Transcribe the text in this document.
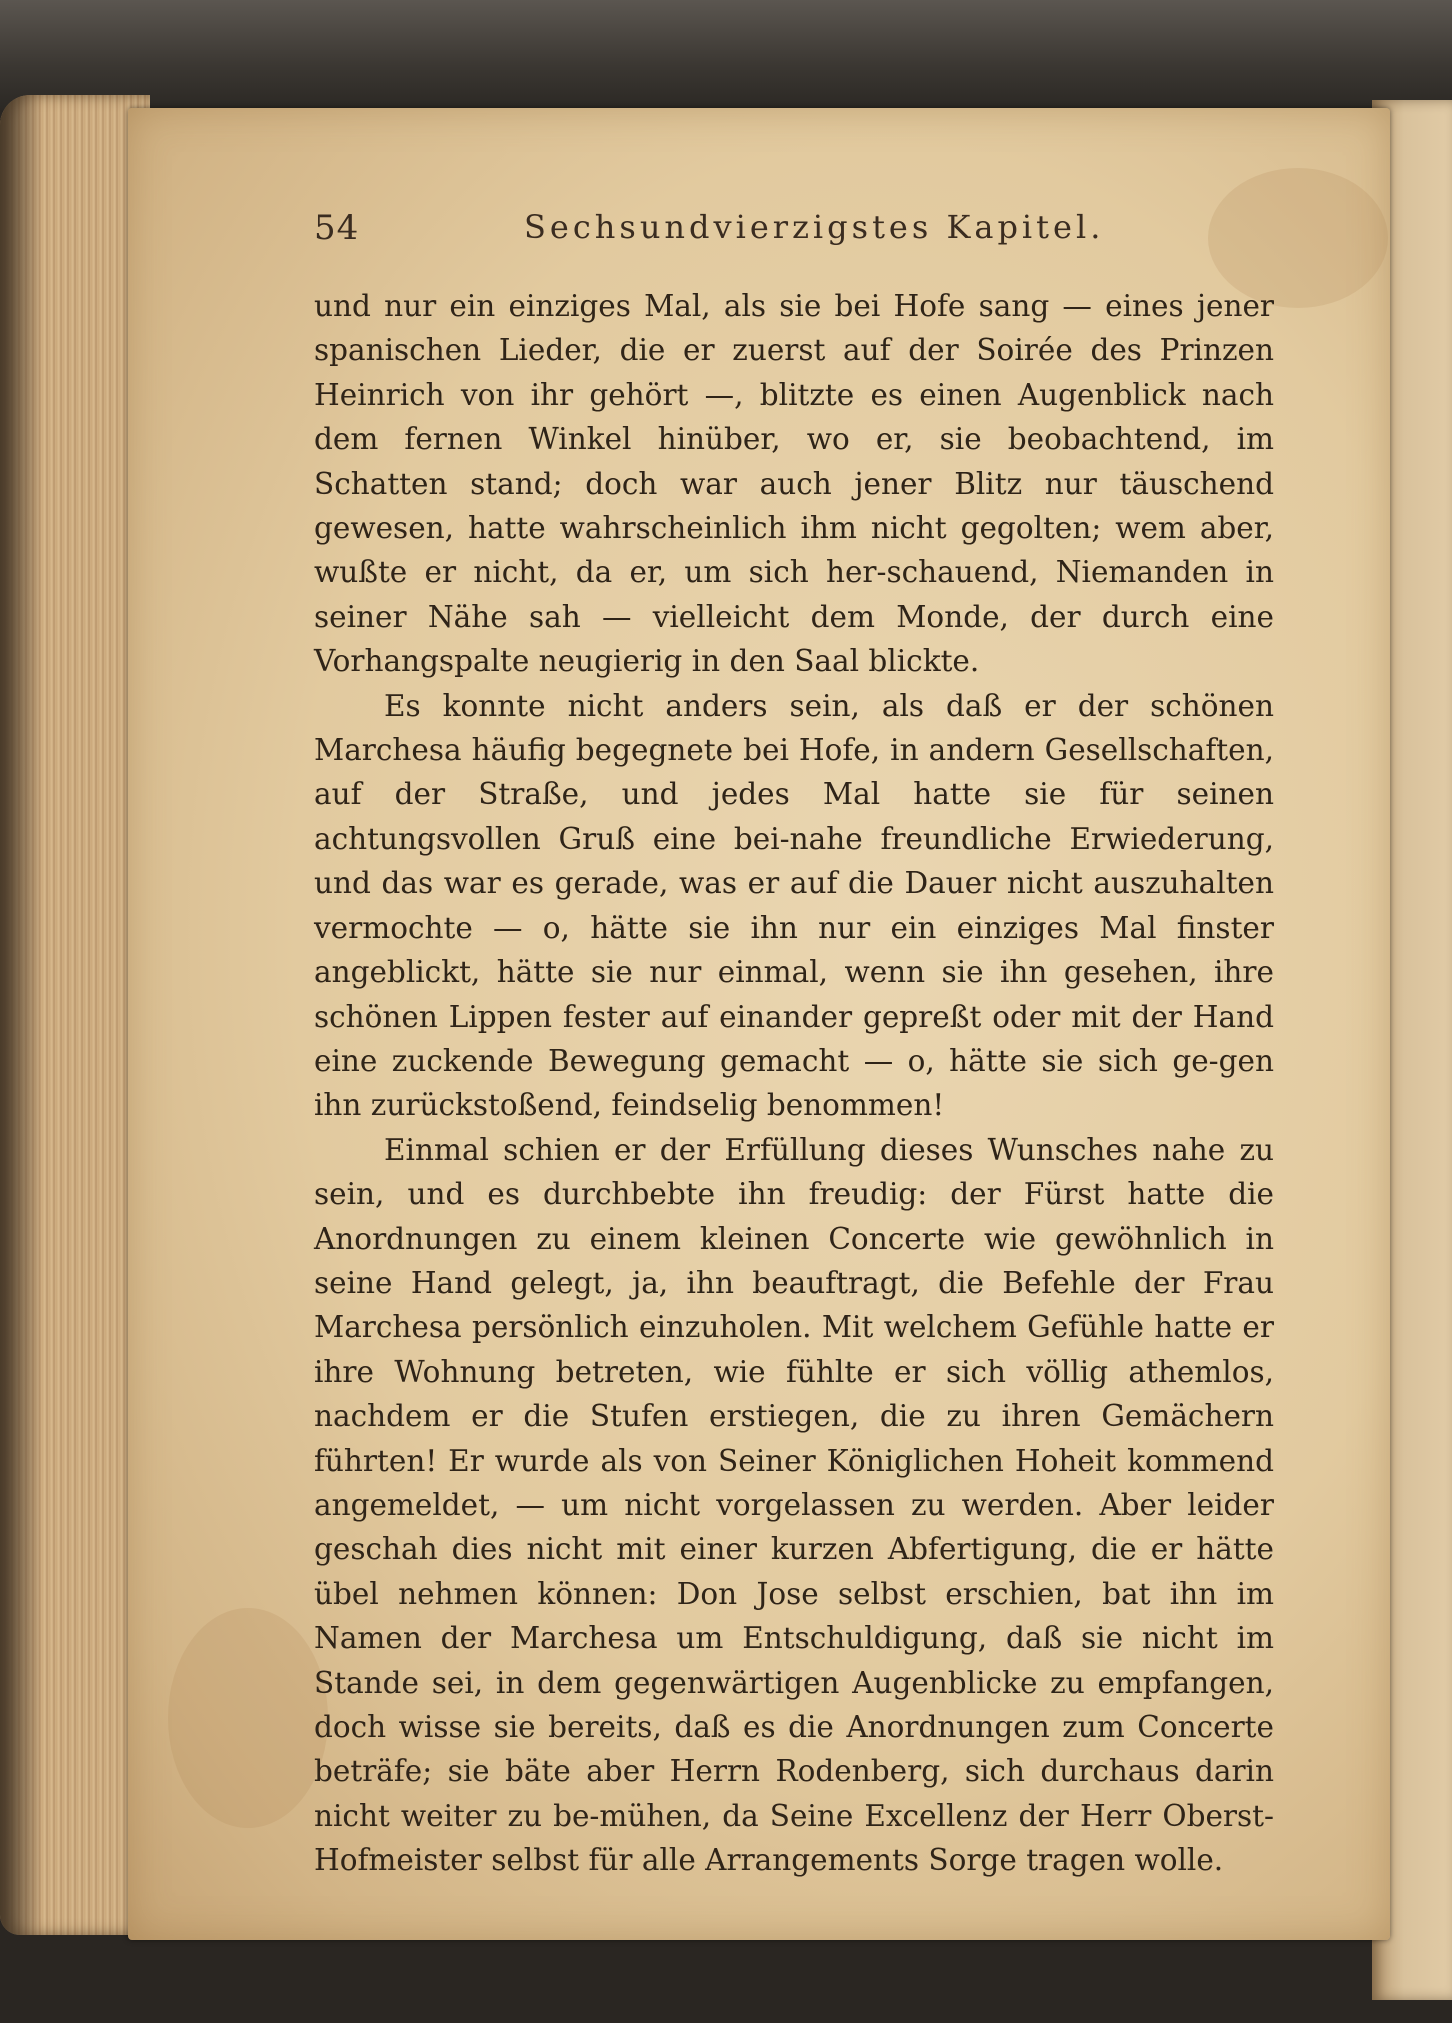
54	Sechsundvierzigstes Kapitel.

und nur ein einziges Mal, als sie bei Hofe sang — eines jener spanischen Lieder, die er zuerst auf der Soirée des Prinzen Heinrich von ihr gehört —, blitzte es einen Augenblick nach dem fernen Winkel hinüber, wo er, sie beobachtend, im Schatten stand; doch war auch jener Blitz nur täuschend gewesen, hatte wahrscheinlich ihm nicht gegolten; wem aber, wußte er nicht, da er, um sich her-schauend, Niemanden in seiner Nähe sah — vielleicht dem Monde, der durch eine Vorhangspalte neugierig in den Saal blickte.

Es konnte nicht anders sein, als daß er der schönen Marchesa häufig begegnete bei Hofe, in andern Gesellschaften, auf der Straße, und jedes Mal hatte sie für seinen achtungsvollen Gruß eine bei-nahe freundliche Erwiederung, und das war es gerade, was er auf die Dauer nicht auszuhalten vermochte — o, hätte sie ihn nur ein einziges Mal finster angeblickt, hätte sie nur einmal, wenn sie ihn gesehen, ihre schönen Lippen fester auf einander gepreßt oder mit der Hand eine zuckende Bewegung gemacht — o, hätte sie sich ge-gen ihn zurückstoßend, feindselig benommen!

Einmal schien er der Erfüllung dieses Wunsches nahe zu sein, und es durchbebte ihn freudig: der Fürst hatte die Anordnungen zu einem kleinen Concerte wie gewöhnlich in seine Hand gelegt, ja, ihn beauftragt, die Befehle der Frau Marchesa persönlich einzuholen. Mit welchem Gefühle hatte er ihre Wohnung betreten, wie fühlte er sich völlig athemlos, nachdem er die Stufen erstiegen, die zu ihren Gemächern führten! Er wurde als von Seiner Königlichen Hoheit kommend angemeldet, — um nicht vorgelassen zu werden. Aber leider geschah dies nicht mit einer kurzen Abfertigung, die er hätte übel nehmen können: Don Jose selbst erschien, bat ihn im Namen der Marchesa um Entschuldigung, daß sie nicht im Stande sei, in dem gegenwärtigen Augenblicke zu empfangen, doch wisse sie bereits, daß es die Anordnungen zum Concerte beträfe; sie bäte aber Herrn Rodenberg, sich durchaus darin nicht weiter zu be-mühen, da Seine Excellenz der Herr Oberst-Hofmeister selbst für alle Arrangements Sorge tragen wolle.
